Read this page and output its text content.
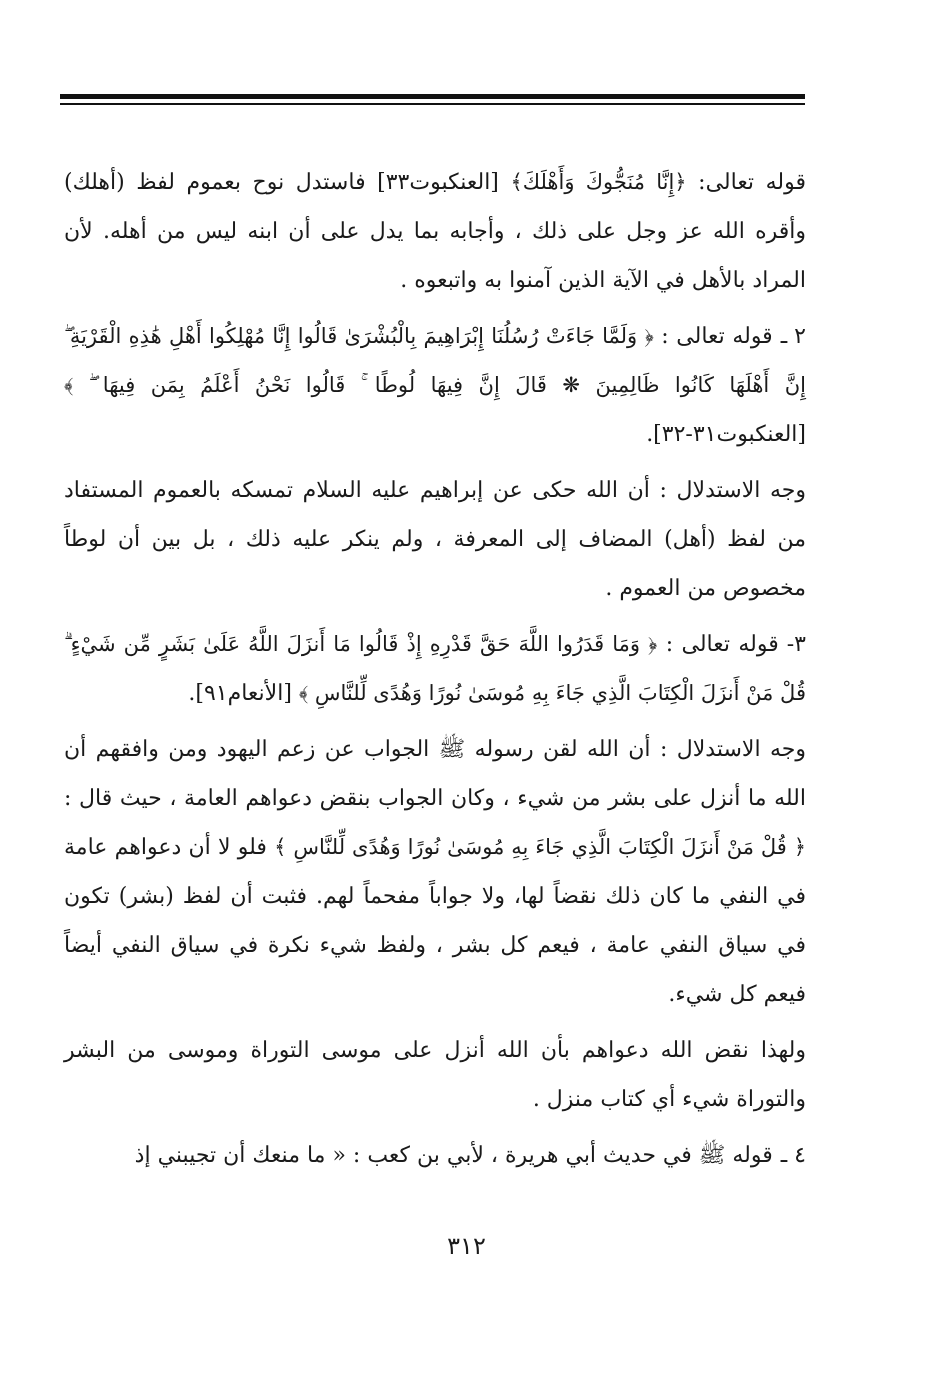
قوله تعالى: ﴿إِنَّا مُنَجُّوكَ وَأَهْلَكَ﴾ [العنكبوت٣٣] فاستدل نوح بعموم لفظ (أهلك) وأقره الله عز وجل على ذلك ، وأجابه بما يدل على أن ابنه ليس من أهله. لأن المراد بالأهل في الآية الذين آمنوا به واتبعوه .

٢ ـقوله تعالى : ﴿ وَلَمَّا جَاءَتْ رُسُلُنَا إِبْرَاهِيمَ بِالْبُشْرَىٰ قَالُوا إِنَّا مُهْلِكُوا أَهْلِ هَٰذِهِ الْقَرْيَةِ ۖ إِنَّ أَهْلَهَا كَانُوا ظَالِمِينَ ❋ قَالَ إِنَّ فِيهَا لُوطًا ۚ قَالُوا نَحْنُ أَعْلَمُ بِمَن فِيهَا ۖ ﴾ [العنكبوت٣١-٣٢].

وجه الاستدلال : أن الله حكى عن إبراهيم عليه السلام تمسكه بالعموم المستفاد من لفظ (أهل) المضاف إلى المعرفة ، ولم ينكر عليه ذلك ، بل بين أن لوطاً مخصوص من العموم .

٣-قوله تعالى : ﴿ وَمَا قَدَرُوا اللَّهَ حَقَّ قَدْرِهِ إِذْ قَالُوا مَا أَنزَلَ اللَّهُ عَلَىٰ بَشَرٍ مِّن شَيْءٍ ۗ قُلْ مَنْ أَنزَلَ الْكِتَابَ الَّذِي جَاءَ بِهِ مُوسَىٰ نُورًا وَهُدًى لِّلنَّاسِ ﴾ [الأنعام٩١].

وجه الاستدلال : أن الله لقن رسوله ﷺ الجواب عن زعم اليهود ومن وافقهم أن الله ما أنزل على بشر من شيء ، وكان الجواب بنقض دعواهم العامة ، حيث قال : ﴿ قُلْ مَنْ أَنزَلَ الْكِتَابَ الَّذِي جَاءَ بِهِ مُوسَىٰ نُورًا وَهُدًى لِّلنَّاسِ ﴾ فلو لا أن دعواهم عامة في النفي ما كان ذلك نقضاً لها، ولا جواباً مفحماً لهم. فثبت أن لفظ (بشر) تكون في سياق النفي عامة ، فيعم كل بشر ، ولفظ شيء نكرة في سياق النفي أيضاً فيعم كل شيء.

ولهذا نقض الله دعواهم بأن الله أنزل على موسى التوراة وموسى من البشر والتوراة شيء أي كتاب منزل .

٤ ـقوله ﷺ في حديث أبي هريرة ، لأبي بن كعب : « ما منعك أن تجيبني إذ

٣١٢
